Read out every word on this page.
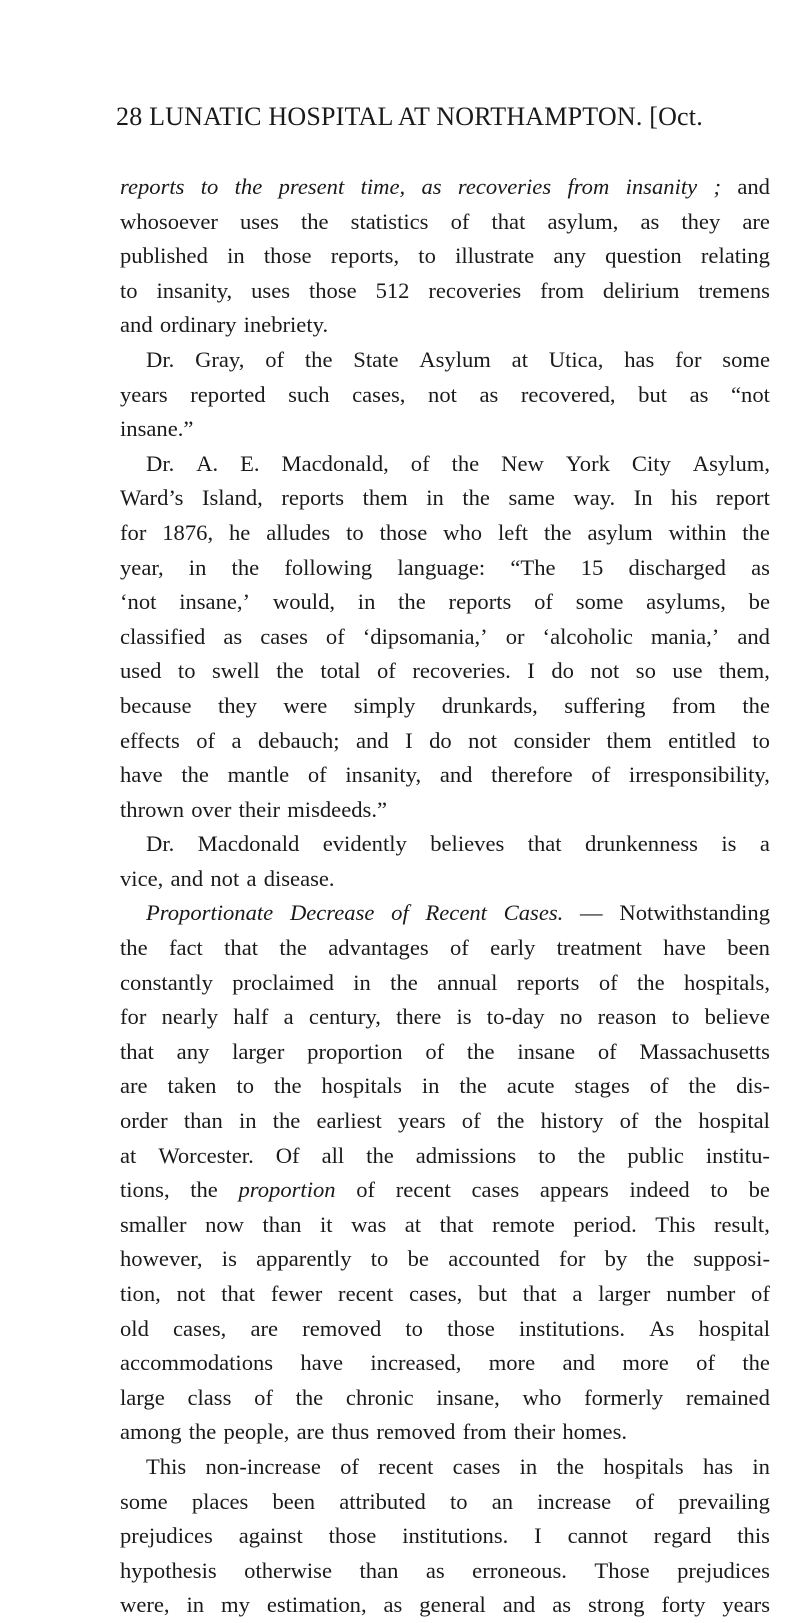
28 LUNATIC HOSPITAL AT NORTHAMPTON. [Oct.
reports to the present time, as recoveries from insanity ; and
whosoever uses the statistics of that asylum, as they are
published in those reports, to illustrate any question relating
to insanity, uses those 512 recoveries from delirium tremens
and ordinary inebriety.
Dr. Gray, of the State Asylum at Utica, has for some
years reported such cases, not as recovered, but as “not
insane.”
Dr. A. E. Macdonald, of the New York City Asylum,
Ward’s Island, reports them in the same way. In his report
for 1876, he alludes to those who left the asylum within the
year, in the following language: “The 15 discharged as
‘not insane,’ would, in the reports of some asylums, be
classified as cases of ‘dipsomania,’ or ‘alcoholic mania,’ and
used to swell the total of recoveries. I do not so use them,
because they were simply drunkards, suffering from the
effects of a debauch; and I do not consider them entitled to
have the mantle of insanity, and therefore of irresponsibility,
thrown over their misdeeds.”
Dr. Macdonald evidently believes that drunkenness is a
vice, and not a disease.
Proportionate Decrease of Recent Cases. — Notwithstanding
the fact that the advantages of early treatment have been
constantly proclaimed in the annual reports of the hospitals,
for nearly half a century, there is to-day no reason to believe
that any larger proportion of the insane of Massachusetts
are taken to the hospitals in the acute stages of the dis-
order than in the earliest years of the history of the hospital
at Worcester. Of all the admissions to the public institu-
tions, the proportion of recent cases appears indeed to be
smaller now than it was at that remote period. This result,
however, is apparently to be accounted for by the supposi-
tion, not that fewer recent cases, but that a larger number of
old cases, are removed to those institutions. As hospital
accommodations have increased, more and more of the
large class of the chronic insane, who formerly remained
among the people, are thus removed from their homes.
This non-increase of recent cases in the hospitals has in
some places been attributed to an increase of prevailing
prejudices against those institutions. I cannot regard this
hypothesis otherwise than as erroneous. Those prejudices
were, in my estimation, as general and as strong forty years
